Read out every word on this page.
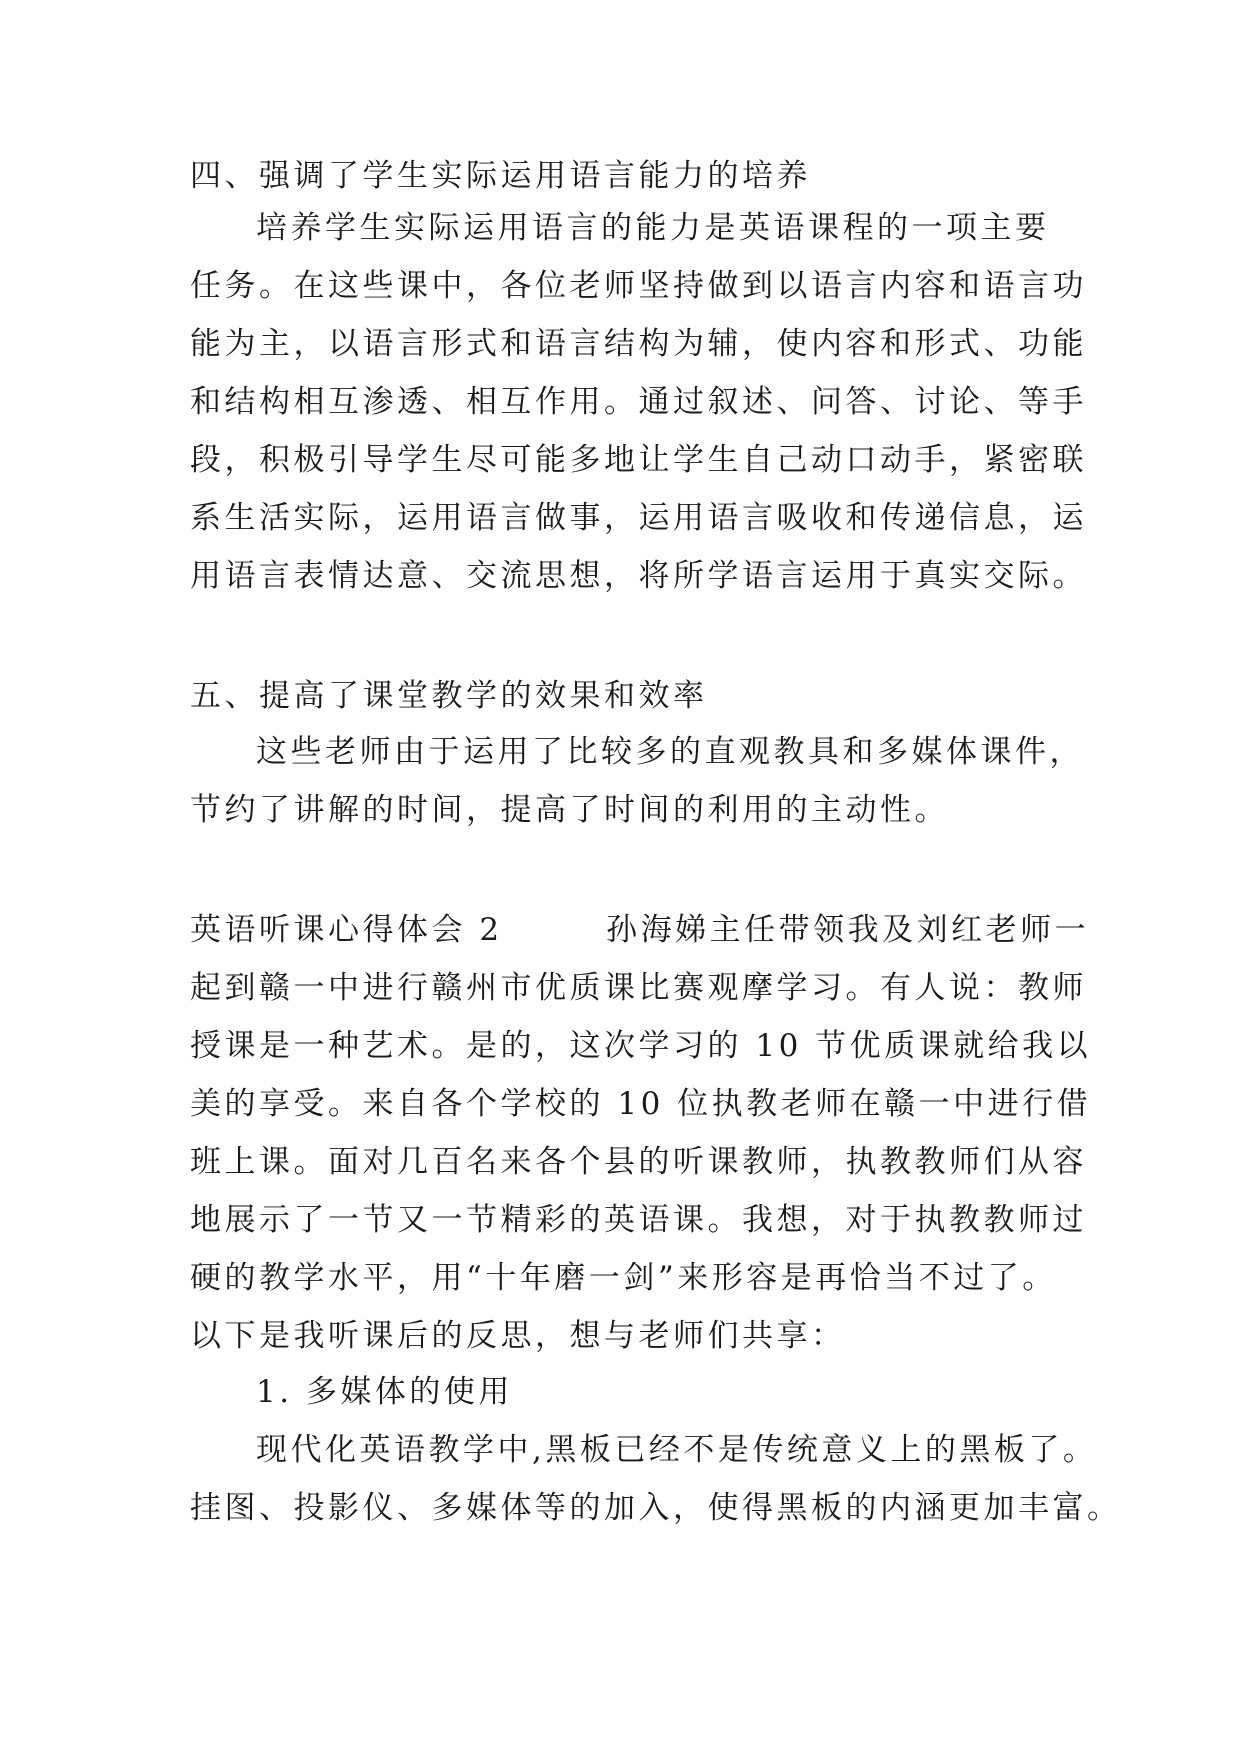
四、强调了学生实际运用语言能力的培养
培养学生实际运用语言的能力是英语课程的一项主要
任务。在这些课中，各位老师坚持做到以语言内容和语言功
能为主，以语言形式和语言结构为辅，使内容和形式、功能
和结构相互渗透、相互作用。通过叙述、问答、讨论、等手
段，积极引导学生尽可能多地让学生自己动口动手，紧密联
系生活实际，运用语言做事，运用语言吸收和传递信息，运
用语言表情达意、交流思想，将所学语言运用于真实交际。
五、提高了课堂教学的效果和效率
这些老师由于运用了比较多的直观教具和多媒体课件，
节约了讲解的时间，提高了时间的利用的主动性。
英语听课心得体会 2　　　孙海娣主任带领我及刘红老师一
起到赣一中进行赣州市优质课比赛观摩学习。有人说：教师
授课是一种艺术。是的，这次学习的 10 节优质课就给我以
美的享受。来自各个学校的 10 位执教老师在赣一中进行借
班上课。面对几百名来各个县的听课教师，执教教师们从容
地展示了一节又一节精彩的英语课。我想，对于执教教师过
硬的教学水平，用“十年磨一剑”来形容是再恰当不过了。
以下是我听课后的反思，想与老师们共享：
1. 多媒体的使用
现代化英语教学中,黑板已经不是传统意义上的黑板了。
挂图、投影仪、多媒体等的加入，使得黑板的内涵更加丰富。
